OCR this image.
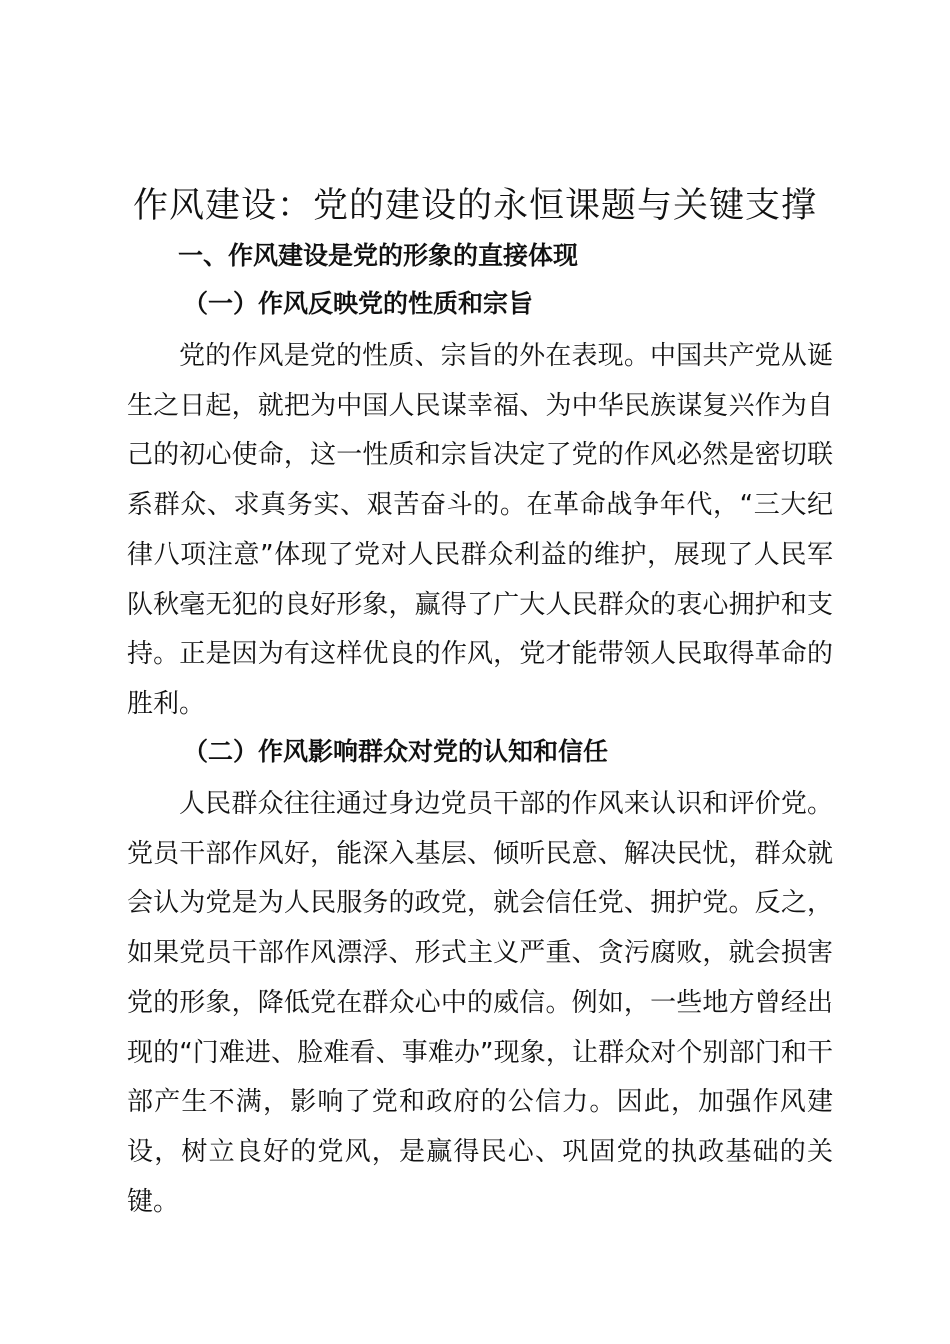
作风建设：党的建设的永恒课题与关键支撑
一、作风建设是党的形象的直接体现
（一）作风反映党的性质和宗旨

党的作风是党的性质、宗旨的外在表现。中国共产党从诞生之日起，就把为中国人民谋幸福、为中华民族谋复兴作为自己的初心使命，这一性质和宗旨决定了党的作风必然是密切联系群众、求真务实、艰苦奋斗的。在革命战争年代，“三大纪律八项注意”体现了党对人民群众利益的维护，展现了人民军队秋毫无犯的良好形象，赢得了广大人民群众的衷心拥护和支持。正是因为有这样优良的作风，党才能带领人民取得革命的胜利。

（二）作风影响群众对党的认知和信任

人民群众往往通过身边党员干部的作风来认识和评价党。党员干部作风好，能深入基层、倾听民意、解决民忧，群众就会认为党是为人民服务的政党，就会信任党、拥护党。反之，如果党员干部作风漂浮、形式主义严重、贪污腐败，就会损害党的形象，降低党在群众心中的威信。例如，一些地方曾经出现的“门难进、脸难看、事难办”现象，让群众对个别部门和干部产生不满，影响了党和政府的公信力。因此，加强作风建设，树立良好的党风，是赢得民心、巩固党的执政基础的关键。
